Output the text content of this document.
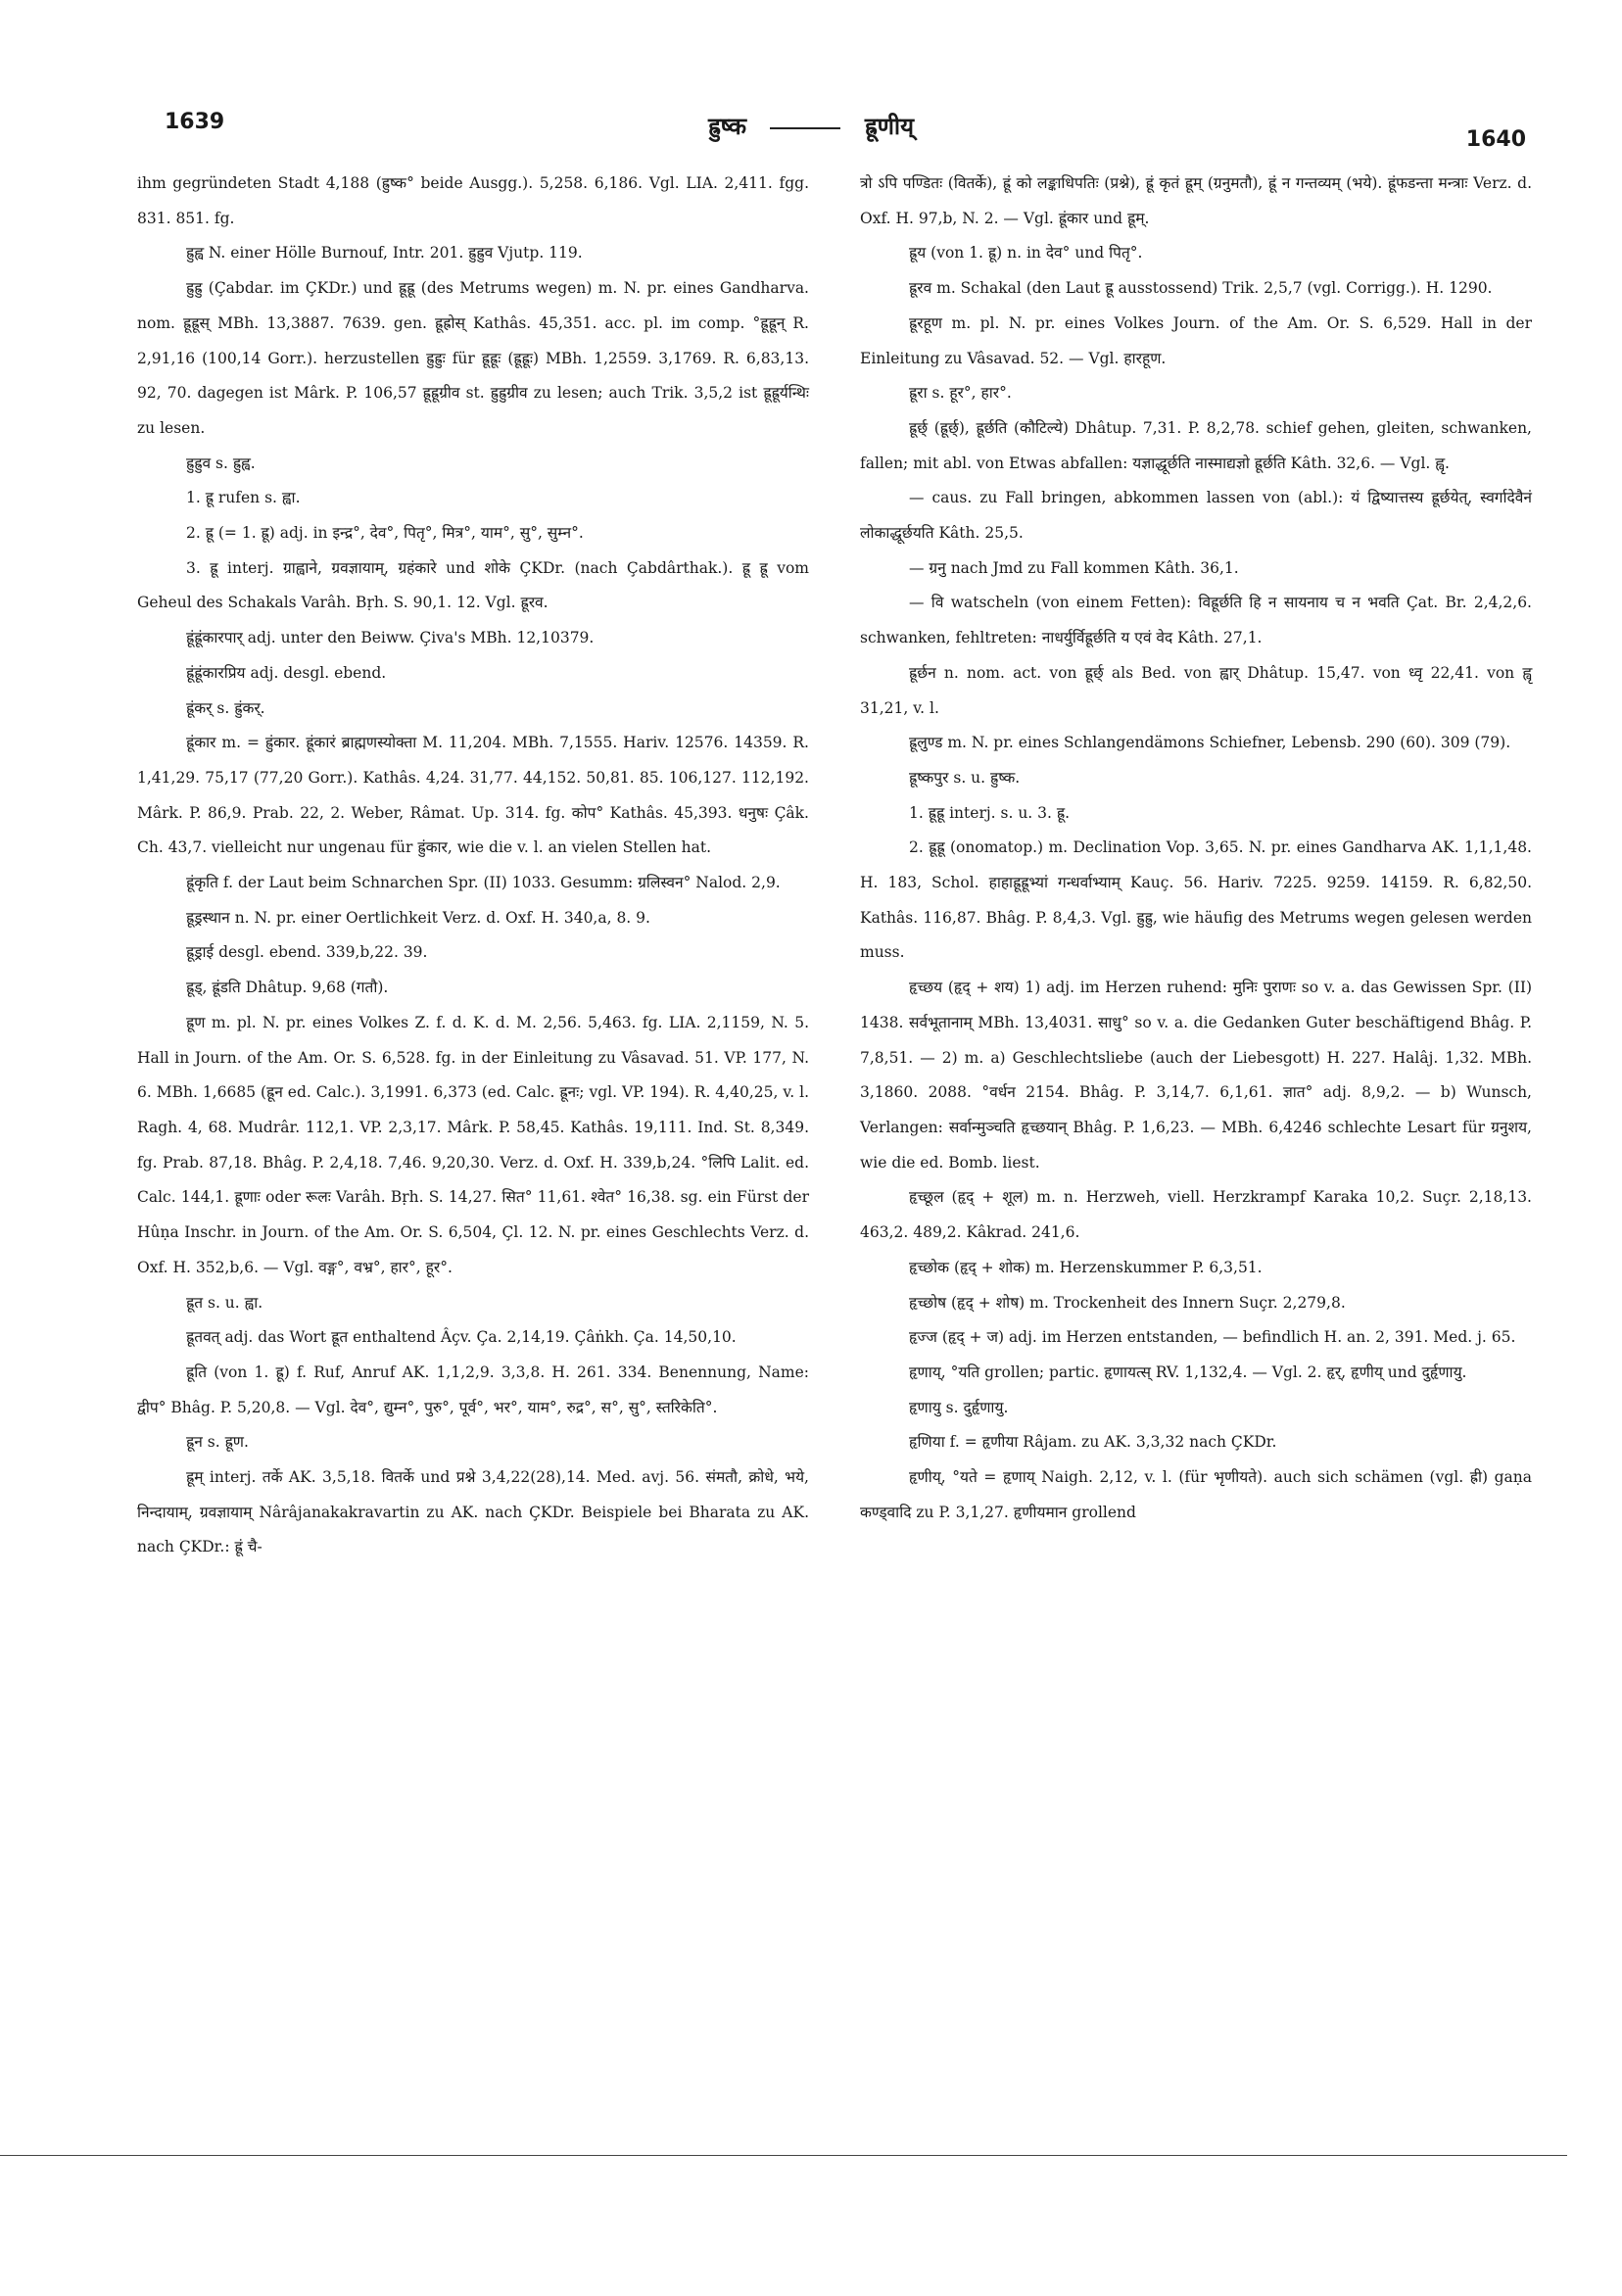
1639	ह्रुष्क	ह्रूणीय्	1640

ihm gegründeten Stadt 4,188 (ह्रुष्क° beide Ausgg.). 5,258. 6,186. Vgl. LIA. 2,411. fgg. 831. 851. fg.

ह्रुह्व N. einer Hölle Burnouf, Intr. 201. ह्रुह्रुव Vjutp. 119.

ह्रुह्रु (Çabdar. im ÇKDr.) und ह्रूह्रू (des Metrums wegen) m. N. pr. eines Gandharva. nom. ह्रूह्रूस् MBh. 13,3887. 7639. gen. ह्रूह्रोस् Kathâs. 45,351. acc. pl. im comp. °ह्रूह्रून् R. 2,91,16 (100,14 Gorr.). herzustellen ह्रुह्रुः für ह्रूह्रूः (ह्रूह्रूः) MBh. 1,2559. 3,1769. R. 6,83,13. 92, 70. dagegen ist Mârk. P. 106,57 ह्रूह्रूग्रीव st. ह्रुह्रुग्रीव zu lesen; auch Trik. 3,5,2 ist ह्रूह्रूर्यन्थिः zu lesen.

ह्रुह्रुव s. ह्रुह्व.

1. ह्रू rufen s. ह्वा.

2. ह्रू (= 1. ह्रू) adj. in इन्द्र°, देव°, पितृ°, मित्र°, याम°, सु°, सुम्न°.

3. ह्रू interj. ग्राह्वाने, ग्रवज्ञायाम्, ग्रहंकारे und शोके ÇKDr. (nach Çabdârthak.). ह्रू ह्रू vom Geheul des Schakals Varâh. Bṛh. S. 90,1. 12. Vgl. ह्रूरव.

ह्रूंह्रूंकारपार् adj. unter den Beiww. Çiva's MBh. 12,10379.

ह्रूंह्रूंकारप्रिय adj. desgl. ebend.

ह्रूंकर् s. ह्रुंकर्.

ह्रूंकार m. = ह्रुंकार. ह्रूंकारं ब्राह्मणस्योक्ता M. 11,204. MBh. 7,1555. Hariv. 12576. 14359. R. 1,41,29. 75,17 (77,20 Gorr.). Kathâs. 4,24. 31,77. 44,152. 50,81. 85. 106,127. 112,192. Mârk. P. 86,9. Prab. 22, 2. Weber, Râmat. Up. 314. fg. कोप° Kathâs. 45,393. धनुषः Çâk. Ch. 43,7. vielleicht nur ungenau für ह्रुंकार, wie die v. l. an vielen Stellen hat.

ह्रूंकृति f. der Laut beim Schnarchen Spr. (II) 1033. Gesumm: ग्रलिस्वन° Nalod. 2,9.

ह्रूड्रस्थान n. N. pr. einer Oertlichkeit Verz. d. Oxf. H. 340,a, 8. 9.

ह्रूड्राई desgl. ebend. 339,b,22. 39.

ह्रूड्, ह्रूंडति Dhâtup. 9,68 (गतौ).

ह्रूण m. pl. N. pr. eines Volkes Z. f. d. K. d. M. 2,56. 5,463. fg. LIA. 2,1159, N. 5. Hall in Journ. of the Am. Or. S. 6,528. fg. in der Einleitung zu Vâsavad. 51. VP. 177, N. 6. MBh. 1,6685 (ह्रून ed. Calc.). 3,1991. 6,373 (ed. Calc. ह्रूनः; vgl. VP. 194). R. 4,40,25, v. l. Ragh. 4, 68. Mudrâr. 112,1. VP. 2,3,17. Mârk. P. 58,45. Kathâs. 19,111. Ind. St. 8,349. fg. Prab. 87,18. Bhâg. P. 2,4,18. 7,46. 9,20,30. Verz. d. Oxf. H. 339,b,24. °लिपि Lalit. ed. Calc. 144,1. ह्रूणाः oder रूलः Varâh. Bṛh. S. 14,27. सित° 11,61. श्वेत° 16,38. sg. ein Fürst der Hûṇa Inschr. in Journ. of the Am. Or. S. 6,504, Çl. 12. N. pr. eines Geschlechts Verz. d. Oxf. H. 352,b,6. — Vgl. वङ्ग°, वभ्र°, हार°, हूर°.

ह्रूत s. u. ह्वा.

ह्रूतवत् adj. das Wort ह्रूत enthaltend Âçv. Ça. 2,14,19. Çâṅkh. Ça. 14,50,10.

ह्रूति (von 1. ह्रू) f. Ruf, Anruf AK. 1,1,2,9. 3,3,8. H. 261. 334. Benennung, Name: द्वीप° Bhâg. P. 5,20,8. — Vgl. देव°, द्युम्न°, पुरु°, पूर्व°, भर°, याम°, रुद्र°, स°, सु°, स्तरिकेति°.

ह्रून s. ह्रूण.

ह्रूम् interj. तर्के AK. 3,5,18. वितर्के und प्रश्ने 3,4,22(28),14. Med. avj. 56. संमतौ, क्रोधे, भये, निन्दायाम्, ग्रवज्ञायाम् Nârâjanakakravartin zu AK. nach ÇKDr. Beispiele bei Bharata zu AK. nach ÇKDr.: ह्रूं चै-

त्रो ऽपि पण्डितः (वितर्के), ह्रूं को लङ्काधिपतिः (प्रश्ने), ह्रूं कृतं ह्रूम् (ग्रनुमतौ), ह्रूं न गन्तव्यम् (भये). ह्रूंफडन्ता मन्त्राः Verz. d. Oxf. H. 97,b, N. 2. — Vgl. ह्रूंकार und ह्रूम्.

ह्रूय (von 1. ह्रू) n. in देव° und पितृ°.

ह्रूरव m. Schakal (den Laut ह्रू ausstossend) Trik. 2,5,7 (vgl. Corrigg.). H. 1290.

ह्रूरहूण m. pl. N. pr. eines Volkes Journ. of the Am. Or. S. 6,529. Hall in der Einleitung zu Vâsavad. 52. — Vgl. हारहूण.

ह्रूरा s. हूर°, हार°.

ह्रूर्छ् (ह्रूर्छ्), ह्रूर्छति (कौटिल्ये) Dhâtup. 7,31. P. 8,2,78. schief gehen, gleiten, schwanken, fallen; mit abl. von Etwas abfallen: यज्ञाद्धूर्छति नास्माद्यज्ञो ह्रूर्छति Kâth. 32,6. — Vgl. ह्वृ.

— caus. zu Fall bringen, abkommen lassen von (abl.): यं द्विष्यात्तस्य ह्रूर्छयेत्, स्वर्गादेवैनं लोकाद्धूर्छयति Kâth. 25,5.

— ग्रनु nach Jmd zu Fall kommen Kâth. 36,1.

— वि watscheln (von einem Fetten): विह्रूर्छति हि न सायनाय च न भवति Çat. Br. 2,4,2,6. schwanken, fehltreten: नाधर्युर्विह्रूर्छति य एवं वेद Kâth. 27,1.

ह्रूर्छन n. nom. act. von ह्रूर्छ् als Bed. von ह्वार् Dhâtup. 15,47. von ध्वृ 22,41. von ह्वृ 31,21, v. l.

ह्रूलुण्ड m. N. pr. eines Schlangendämons Schiefner, Lebensb. 290 (60). 309 (79).

ह्रूष्कपुर s. u. ह्रुष्क.

1. ह्रूह्रू interj. s. u. 3. ह्रू.

2. ह्रूह्रू (onomatop.) m. Declination Vop. 3,65. N. pr. eines Gandharva AK. 1,1,1,48. H. 183, Schol. हाहाह्रूह्रूभ्यां गन्धर्वाभ्याम् Kauç. 56. Hariv. 7225. 9259. 14159. R. 6,82,50. Kathâs. 116,87. Bhâg. P. 8,4,3. Vgl. ह्रुह्रु, wie häufig des Metrums wegen gelesen werden muss.

हृच्छय (हृद् + शय) 1) adj. im Herzen ruhend: मुनिः पुराणः so v. a. das Gewissen Spr. (II) 1438. सर्वभूतानाम् MBh. 13,4031. साधु° so v. a. die Gedanken Guter beschäftigend Bhâg. P. 7,8,51. — 2) m. a) Geschlechtsliebe (auch der Liebesgott) H. 227. Halâj. 1,32. MBh. 3,1860. 2088. °वर्धन 2154. Bhâg. P. 3,14,7. 6,1,61. ज्ञात° adj. 8,9,2. — b) Wunsch, Verlangen: सर्वान्मुञ्चति हृच्छयान् Bhâg. P. 1,6,23. — MBh. 6,4246 schlechte Lesart für ग्रनुशय, wie die ed. Bomb. liest.

हृच्छूल (हृद् + शूल) m. n. Herzweh, viell. Herzkrampf Karaka 10,2. Suçr. 2,18,13. 463,2. 489,2. Kâkrad. 241,6.

हृच्छोक (हृद् + शोक) m. Herzenskummer P. 6,3,51.

हृच्छोष (हृद् + शोष) m. Trockenheit des Innern Suçr. 2,279,8.

हृज्ज (हृद् + ज) adj. im Herzen entstanden, — befindlich H. an. 2, 391. Med. j. 65.

हृणाय्, °यति grollen; partic. हृणायत्स् RV. 1,132,4. — Vgl. 2. हृर्, हृणीय् und दुर्हृणायु.

हृणायु s. दुर्हृणायु.

हृणिया f. = हृणीया Râjam. zu AK. 3,3,32 nach ÇKDr.

हृणीय्, °यते = हृणाय् Naigh. 2,12, v. l. (für भृणीयते). auch sich schämen (vgl. ह्री) gaṇa कण्ड्वादि zu P. 3,1,27. हृणीयमान grollend
